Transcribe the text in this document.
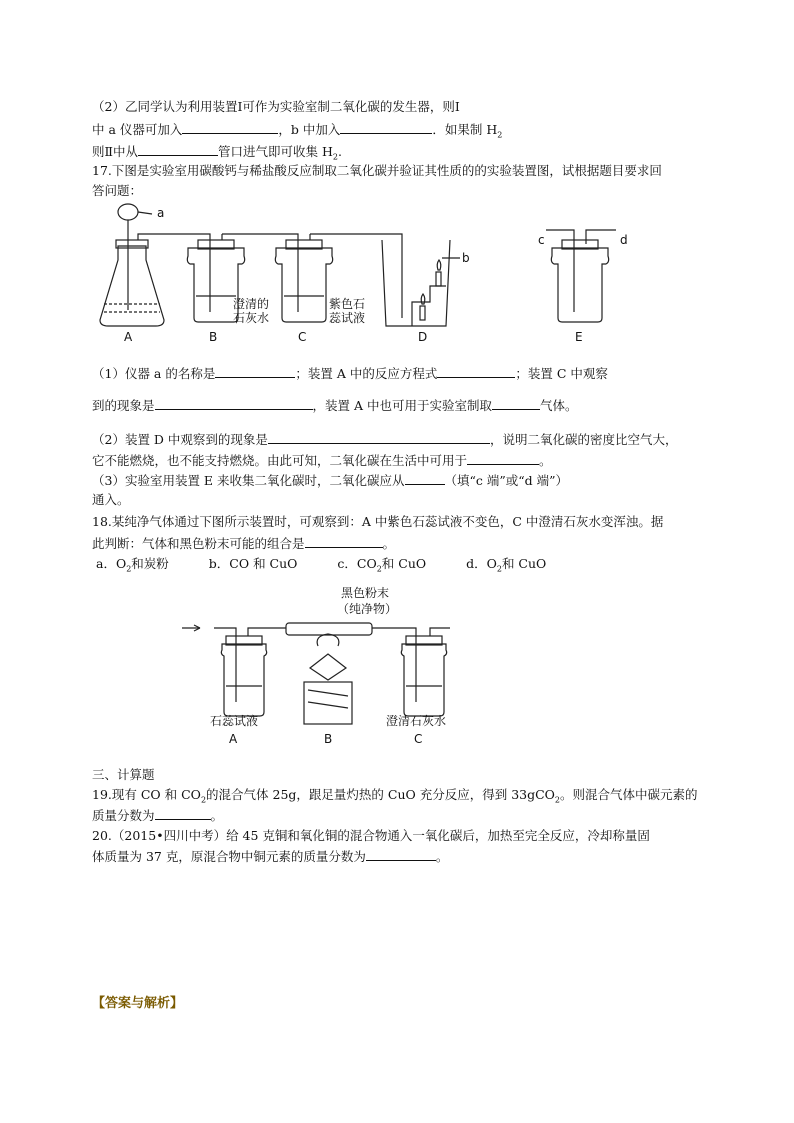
（2）乙同学认为利用装置Ⅰ可作为实验室制二氧化碳的发生器，则Ⅰ
中 a 仪器可加入	，b 中加入	．如果制 $H_2$
则Ⅱ中从	管口进气即可收集 $H_2$.
17.下图是实验室用碳酸钙与稀盐酸反应制取二氧化碳并验证其性质的的实验装置图，试根据题目要求回
答问题：
a
b
c	d
澄清的
石灰水
紫色石
蕊试液
A	B	C	D	E
（1）仪器 a 的名称是	；装置 A 中的反应方程式	；装置 C 中观察
到的现象是	，装置 A 中也可用于实验室制取	气体。
（2）装置 D 中观察到的现象是	，说明二氧化碳的密度比空气大，
它不能燃烧，也不能支持燃烧。由此可知，二氧化碳在生活中可用于	。
（3）实验室用装置 E 来收集二氧化碳时，二氧化碳应从	（填“c 端”或“d 端”）
通入。
18.某纯净气体通过下图所示装置时，可观察到：A 中紫色石蕊试液不变色，C 中澄清石灰水变浑浊。据
此判断：气体和黑色粉末可能的组合是	。
a．$O_2$和炭粉	b．CO 和 CuO	c．$CO_2$和 CuO	d．$O_2$和 CuO
黑色粉末
（纯净物）
石蕊试液	澄清石灰水
A	B	C
三、计算题
19.现有 CO 和 $CO_2$的混合气体 25g，跟足量灼热的 CuO 充分反应，得到 33gCO$_2$。则混合气体中碳元素的
质量分数为	。
20.（2015•四川中考）给 45 克铜和氧化铜的混合物通入一氧化碳后，加热至完全反应，冷却称量固
体质量为 37 克，原混合物中铜元素的质量分数为	。
【答案与解析】
